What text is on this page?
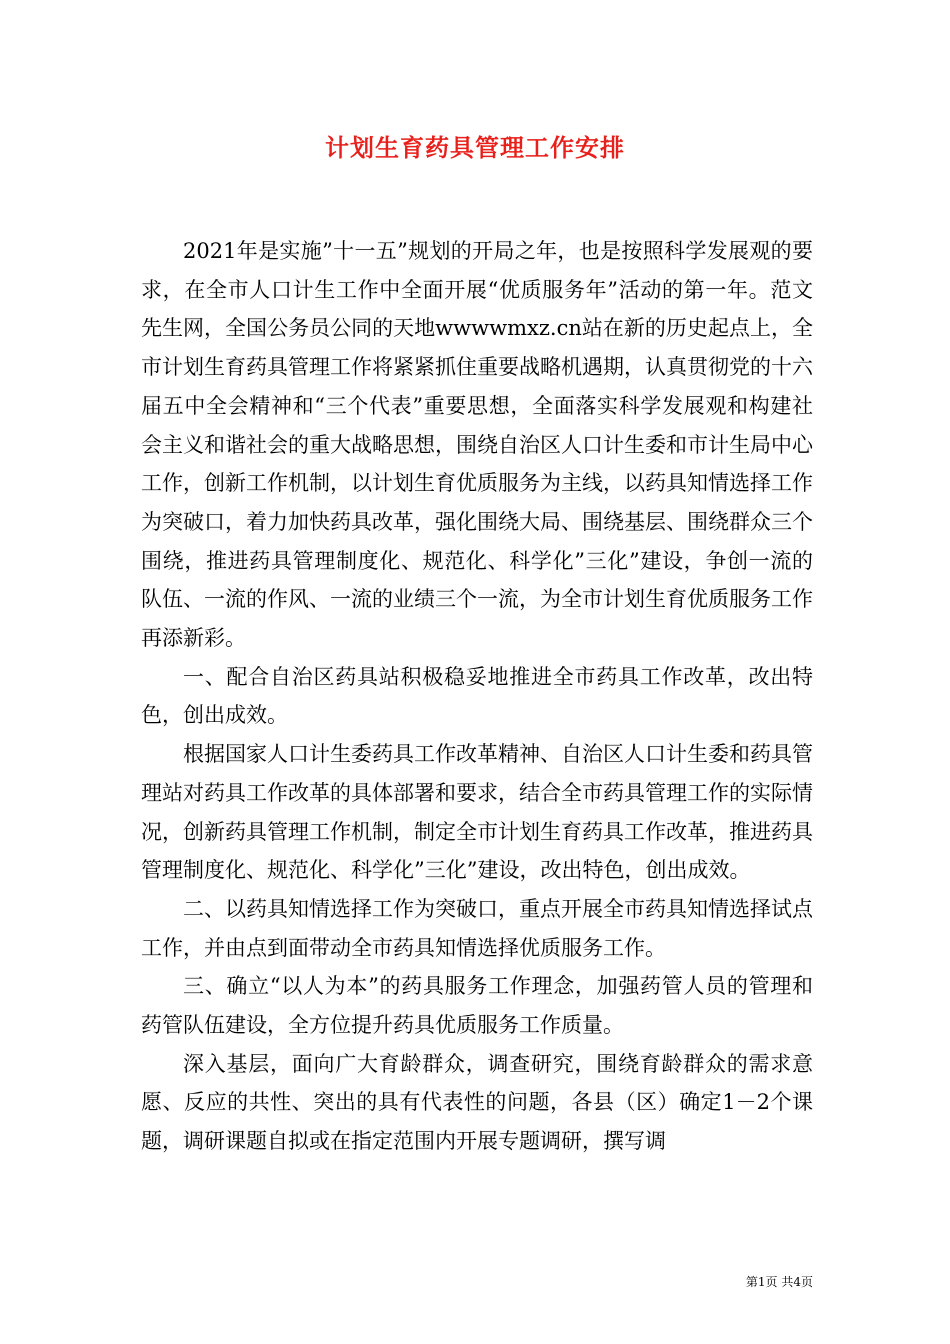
计划生育药具管理工作安排

2021年是实施”十一五”规划的开局之年，也是按照科学发展观的要求，在全市人口计生工作中全面开展“优质服务年”活动的第一年。范文先生网，全国公务员公同的天地wwwwmxz.cn站在新的历史起点上，全市计划生育药具管理工作将紧紧抓住重要战略机遇期，认真贯彻党的十六届五中全会精神和“三个代表”重要思想，全面落实科学发展观和构建社会主义和谐社会的重大战略思想，围绕自治区人口计生委和市计生局中心工作，创新工作机制，以计划生育优质服务为主线，以药具知情选择工作为突破口，着力加快药具改革，强化围绕大局、围绕基层、围绕群众三个围绕，推进药具管理制度化、规范化、科学化”三化”建设，争创一流的队伍、一流的作风、一流的业绩三个一流，为全市计划生育优质服务工作再添新彩。

一、配合自治区药具站积极稳妥地推进全市药具工作改革，改出特色，创出成效。

根据国家人口计生委药具工作改革精神、自治区人口计生委和药具管理站对药具工作改革的具体部署和要求，结合全市药具管理工作的实际情况，创新药具管理工作机制，制定全市计划生育药具工作改革，推进药具管理制度化、规范化、科学化”三化”建设，改出特色，创出成效。

二、以药具知情选择工作为突破口，重点开展全市药具知情选择试点工作，并由点到面带动全市药具知情选择优质服务工作。

三、确立“以人为本”的药具服务工作理念，加强药管人员的管理和药管队伍建设，全方位提升药具优质服务工作质量。

深入基层，面向广大育龄群众，调查研究，围绕育龄群众的需求意愿、反应的共性、突出的具有代表性的问题，各县（区）确定1－2个课题，调研课题自拟或在指定范围内开展专题调研，撰写调

第1页 共4页
